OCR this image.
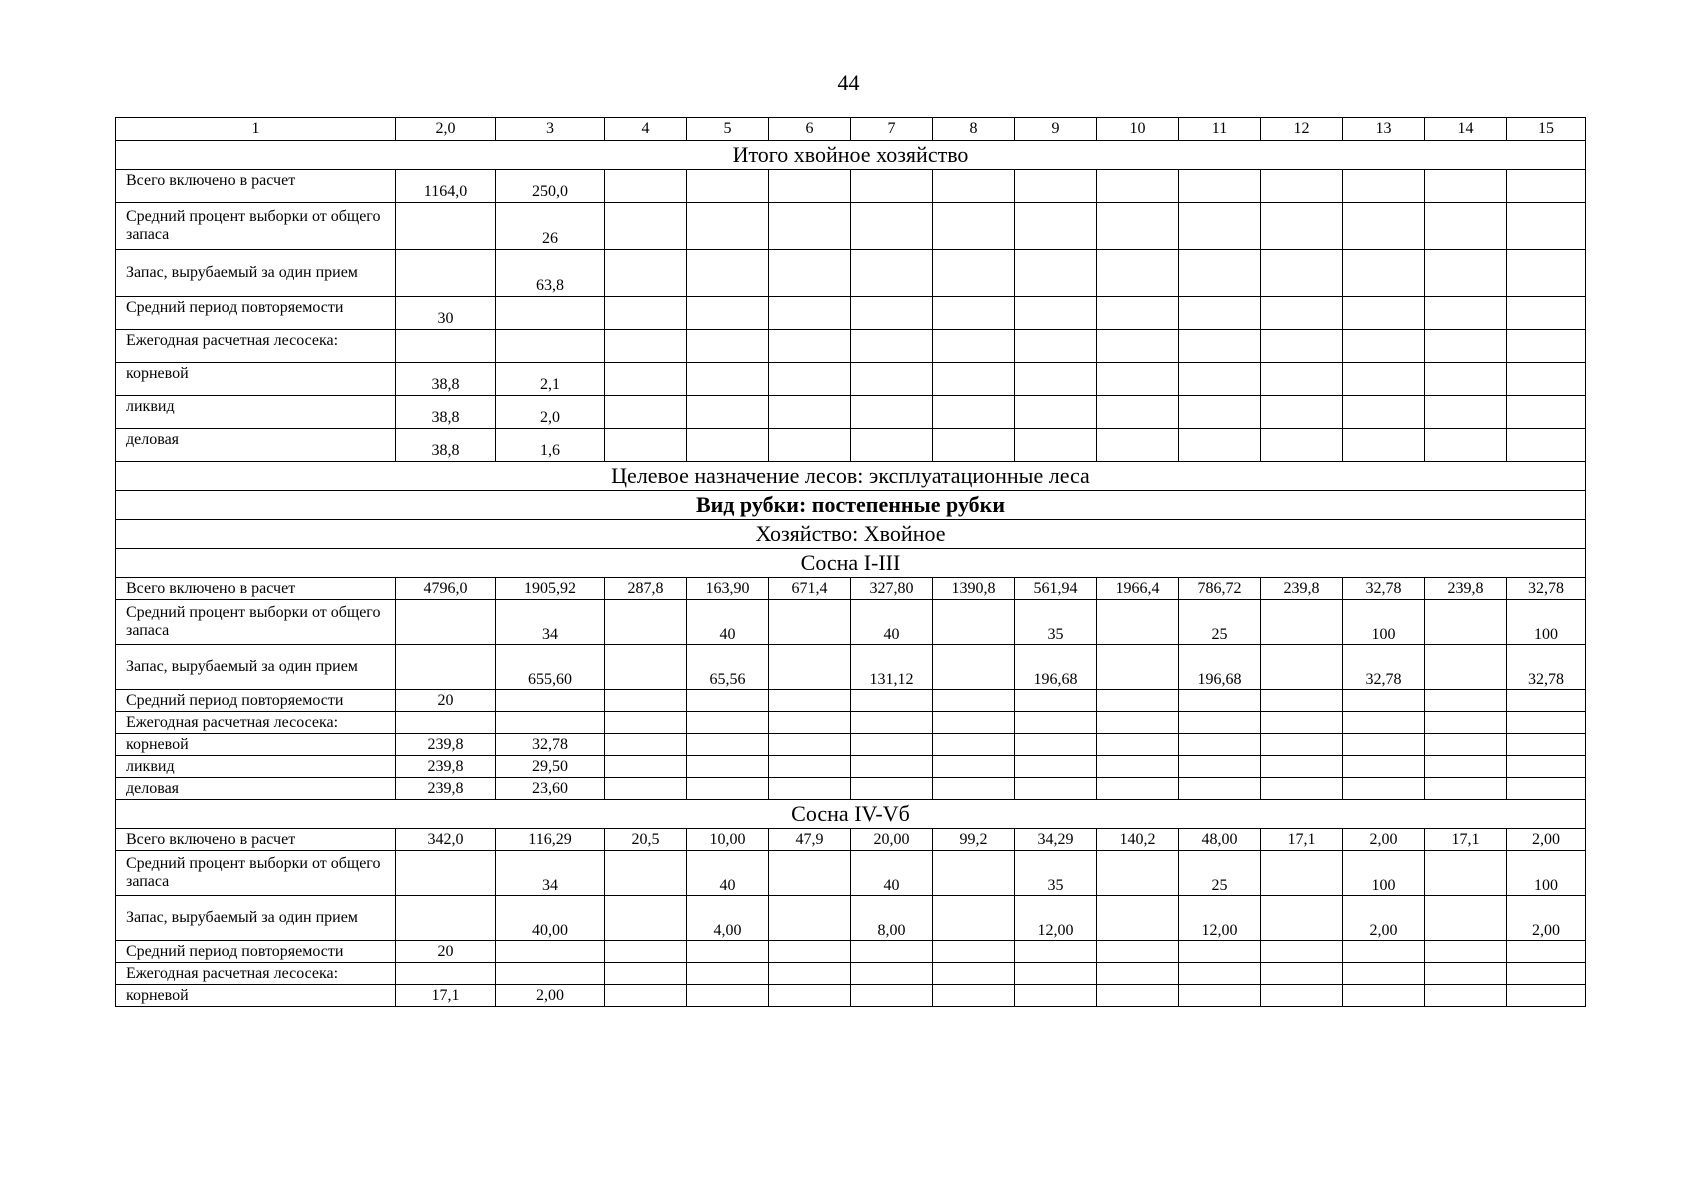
44
1	2,0	3	4	5	6	7	8	9	10	11	12	13	14	15
Итого хвойное хозяйство														
Всего включено в расчет	1164,0	250,0												
Средний процент выборки от общего запаса		26												
Запас, вырубаемый за один прием		63,8												
Средний период повторяемости	30													
Ежегодная расчетная лесосека:														
корневой	38,8	2,1												
ликвид	38,8	2,0												
деловая	38,8	1,6												
Целевое назначение лесов: эксплуатационные леса														
Вид рубки: постепенные рубки														
Хозяйство: Хвойное														
Сосна I-III														
Всего включено в расчет	4796,0	1905,92	287,8	163,90	671,4	327,80	1390,8	561,94	1966,4	786,72	239,8	32,78	239,8	32,78
Средний процент выборки от общего запаса		34		40		40		35		25		100		100
Запас, вырубаемый за один прием		655,60		65,56		131,12		196,68		196,68		32,78		32,78
Средний период повторяемости	20													
Ежегодная расчетная лесосека:														
корневой	239,8	32,78												
ликвид	239,8	29,50												
деловая	239,8	23,60												
Сосна IV-Vб														
Всего включено в расчет	342,0	116,29	20,5	10,00	47,9	20,00	99,2	34,29	140,2	48,00	17,1	2,00	17,1	2,00
Средний процент выборки от общего запаса		34		40		40		35		25		100		100
Запас, вырубаемый за один прием		40,00		4,00		8,00		12,00		12,00		2,00		2,00
Средний период повторяемости	20													
Ежегодная расчетная лесосека:														
корневой	17,1	2,00												
